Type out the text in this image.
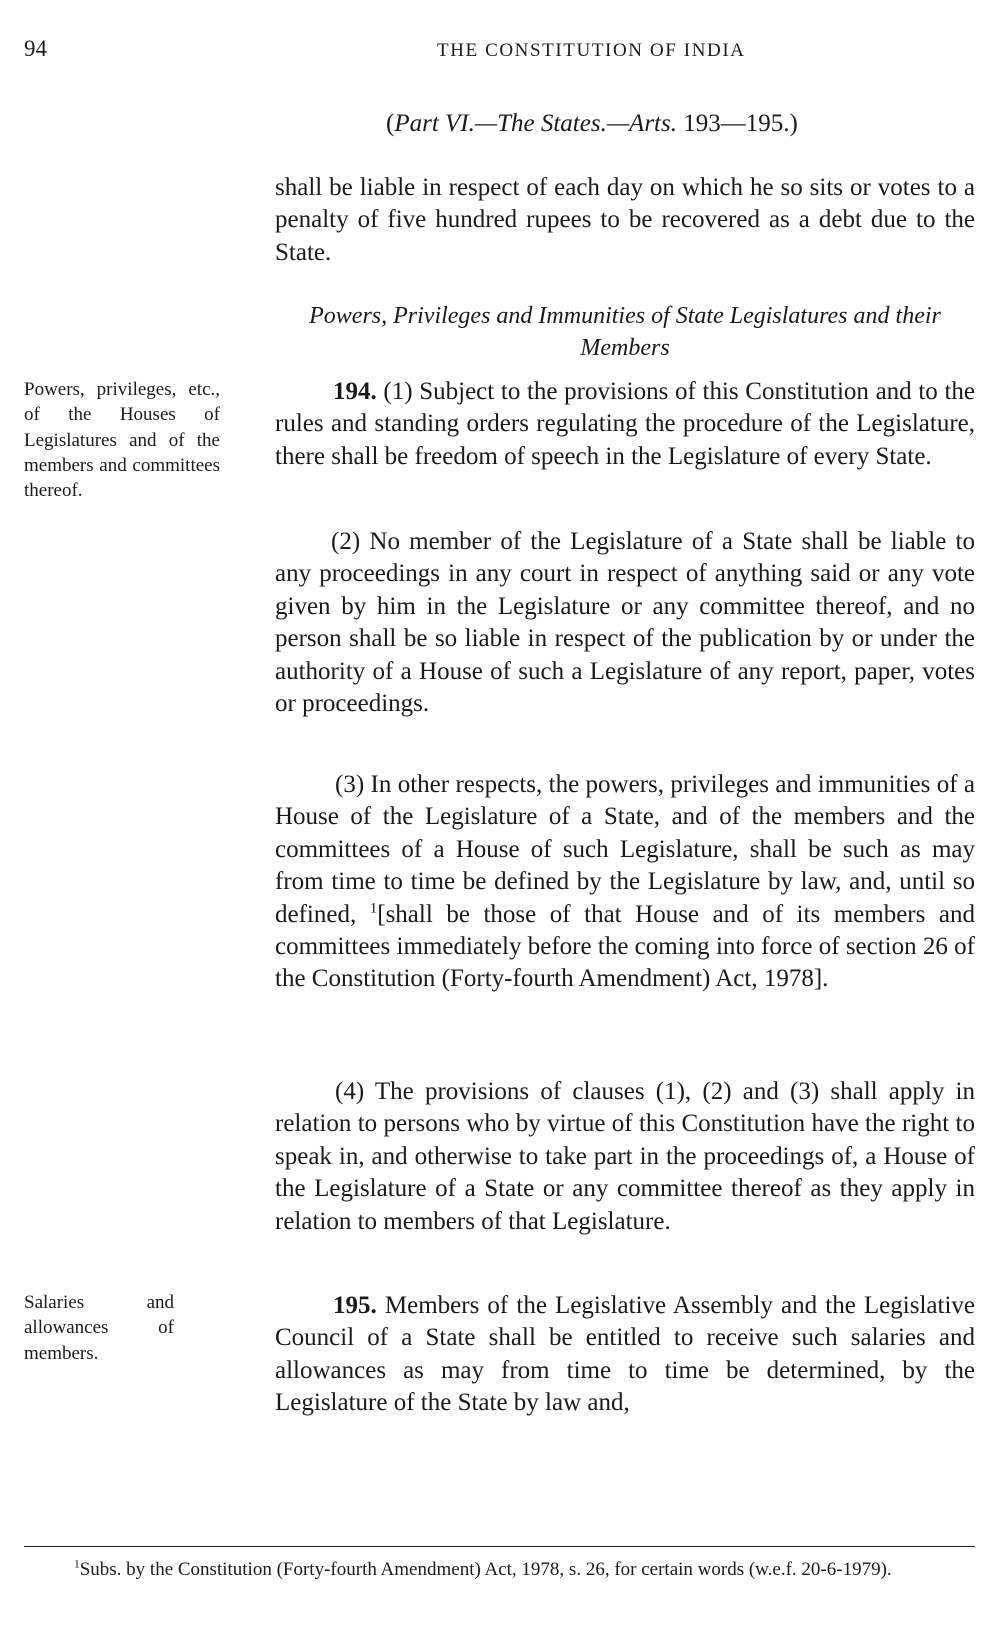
94	THE CONSTITUTION OF INDIA
(Part VI.—The States.—Arts. 193—195.)

shall be liable in respect of each day on which he so sits or votes to a penalty of five hundred rupees to be recovered as a debt due to the State.

Powers, Privileges and Immunities of State Legislatures and their Members

Powers, privileges, etc., of the Houses of Legislatures and of the members and committees thereof.

194. (1) Subject to the provisions of this Constitution and to the rules and standing orders regulating the procedure of the Legislature, there shall be freedom of speech in the Legislature of every State.

(2) No member of the Legislature of a State shall be liable to any proceedings in any court in respect of anything said or any vote given by him in the Legislature or any committee thereof, and no person shall be so liable in respect of the publication by or under the authority of a House of such a Legislature of any report, paper, votes or proceedings.

(3) In other respects, the powers, privileges and immunities of a House of the Legislature of a State, and of the members and the committees of a House of such Legislature, shall be such as may from time to time be defined by the Legislature by law, and, until so defined, $^1$[shall be those of that House and of its members and committees immediately before the coming into force of section 26 of the Constitution (Forty-fourth Amendment) Act, 1978].

(4) The provisions of clauses (1), (2) and (3) shall apply in relation to persons who by virtue of this Constitution have the right to speak in, and otherwise to take part in the proceedings of, a House of the Legislature of a State or any committee thereof as they apply in relation to members of that Legislature.

Salaries and allowances of members.

195. Members of the Legislative Assembly and the Legislative Council of a State shall be entitled to receive such salaries and allowances as may from time to time be determined, by the Legislature of the State by law and,

$^1$Subs. by the Constitution (Forty-fourth Amendment) Act, 1978, s. 26, for certain words (w.e.f. 20-6-1979).
